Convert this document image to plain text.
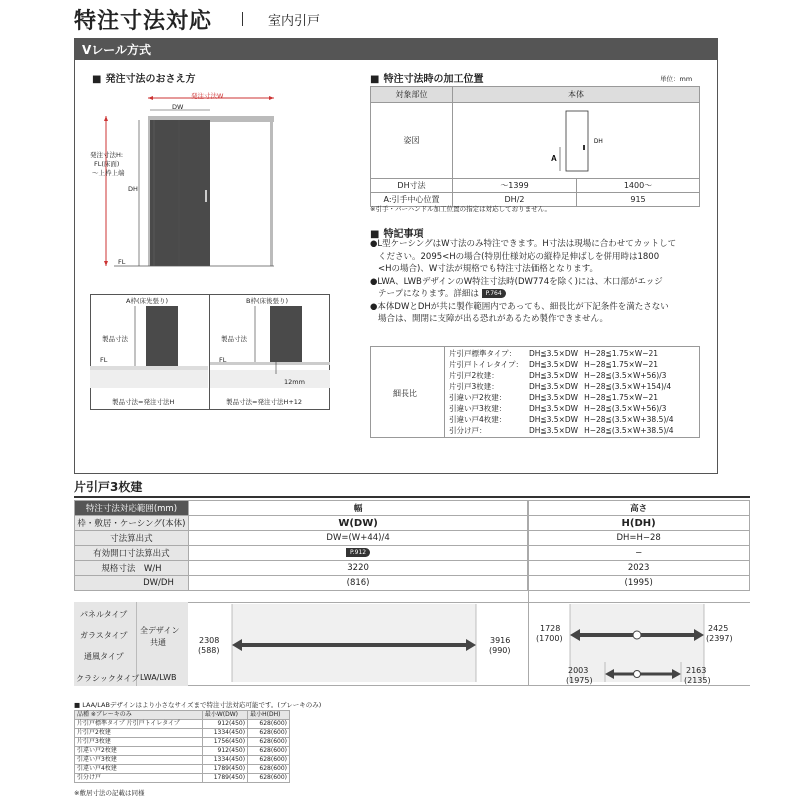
特注寸法対応	室内引戸
Vレール方式
■ 発注寸法のおさえ方
発注寸法W
DW
発注寸法H:
FL(床面)
〜上枠上端
DH
FL
A枠(床先張り)	B枠(床後張り)
製品寸法	製品寸法
FL	FL
12mm
製品寸法=発注寸法H	製品寸法=発注寸法H+12
■ 特注寸法時の加工位置	単位：mm
対象部位	本体	
姿図	A
DH	

DH寸法	〜1399	1400〜
A:引手中心位置	DH/2	915
※引手・バーハンドル加工位置の指定は対応しておりません。
■ 特記事項
●L型ケーシングはW寸法のみ特注できます。H寸法は現場に合わせてカットして
ください。2095<Hの場合(特別仕様対応の縦枠足伸ばしを併用時は1800
<Hの場合)、W寸法が規格でも特注寸法価格となります。
●LWA、LWBデザインのW特注寸法時(DW774を除く)には、木口部がエッジ
テープになります。詳細は P.764
●本体DWとDHが共に製作範囲内であっても、細長比が下記条件を満たさない
場合は、開閉に支障が出る恐れがあるため製作できません。
細長比
片引戸標準タイプ：	DH≦3.5×DW	H−28≦1.75×W−21
片引戸トイレタイプ：	DH≦3.5×DW	H−28≦1.75×W−21
片引戸2枚建：	DH≦3.5×DW	H−28≦(3.5×W+56)/3
片引戸3枚建：	DH≦3.5×DW	H−28≦(3.5×W+154)/4
引違い戸2枚建：	DH≦3.5×DW	H−28≦1.75×W−21
引違い戸3枚建：	DH≦3.5×DW	H−28≦(3.5×W+56)/3
引違い戸4枚建：	DH≦3.5×DW	H−28≦(3.5×W+38.5)/4
引分け戸：	DH≦3.5×DW	H−28≦(3.5×W+38.5)/4
片引戸3枚建
特注寸法対応範囲(mm)	幅	高さ
枠・敷居・ケーシング(本体)	W(DW)	H(DH)
寸法算出式	DW=(W+44)/4	DH=H−28
有効開口寸法算出式	P.912	−
規格寸法　 W/H	3220	2023
DW/DH	(816)	(1995)
パネルタイプ
ガラスタイプ
通風タイプ
クラシックタイプ
全デザイン
共通
LWA/LWB
2308
(588)
3916
(990)
1728
(1700)
2425
(2397)
2003
(1975)
2163
(2135)
■ LAA/LABデザインはより小さなサイズまで特注寸法対応可能です。(ブレーキのみ)
品種 ※ブレーキのみ	最小W(DW)	最小H(DH)
片引戸標準タイプ 片引戸トイレタイプ	912(450)	628(600)
片引戸2枚建	1334(450)	628(600)
片引戸3枚建	1756(450)	628(600)
引違い戸2枚建	912(450)	628(600)
引違い戸3枚建	1334(450)	628(600)
引違い戸4枚建	1789(450)	628(600)
引分け戸	1789(450)	628(600)
※敷居寸法の記載は同様
